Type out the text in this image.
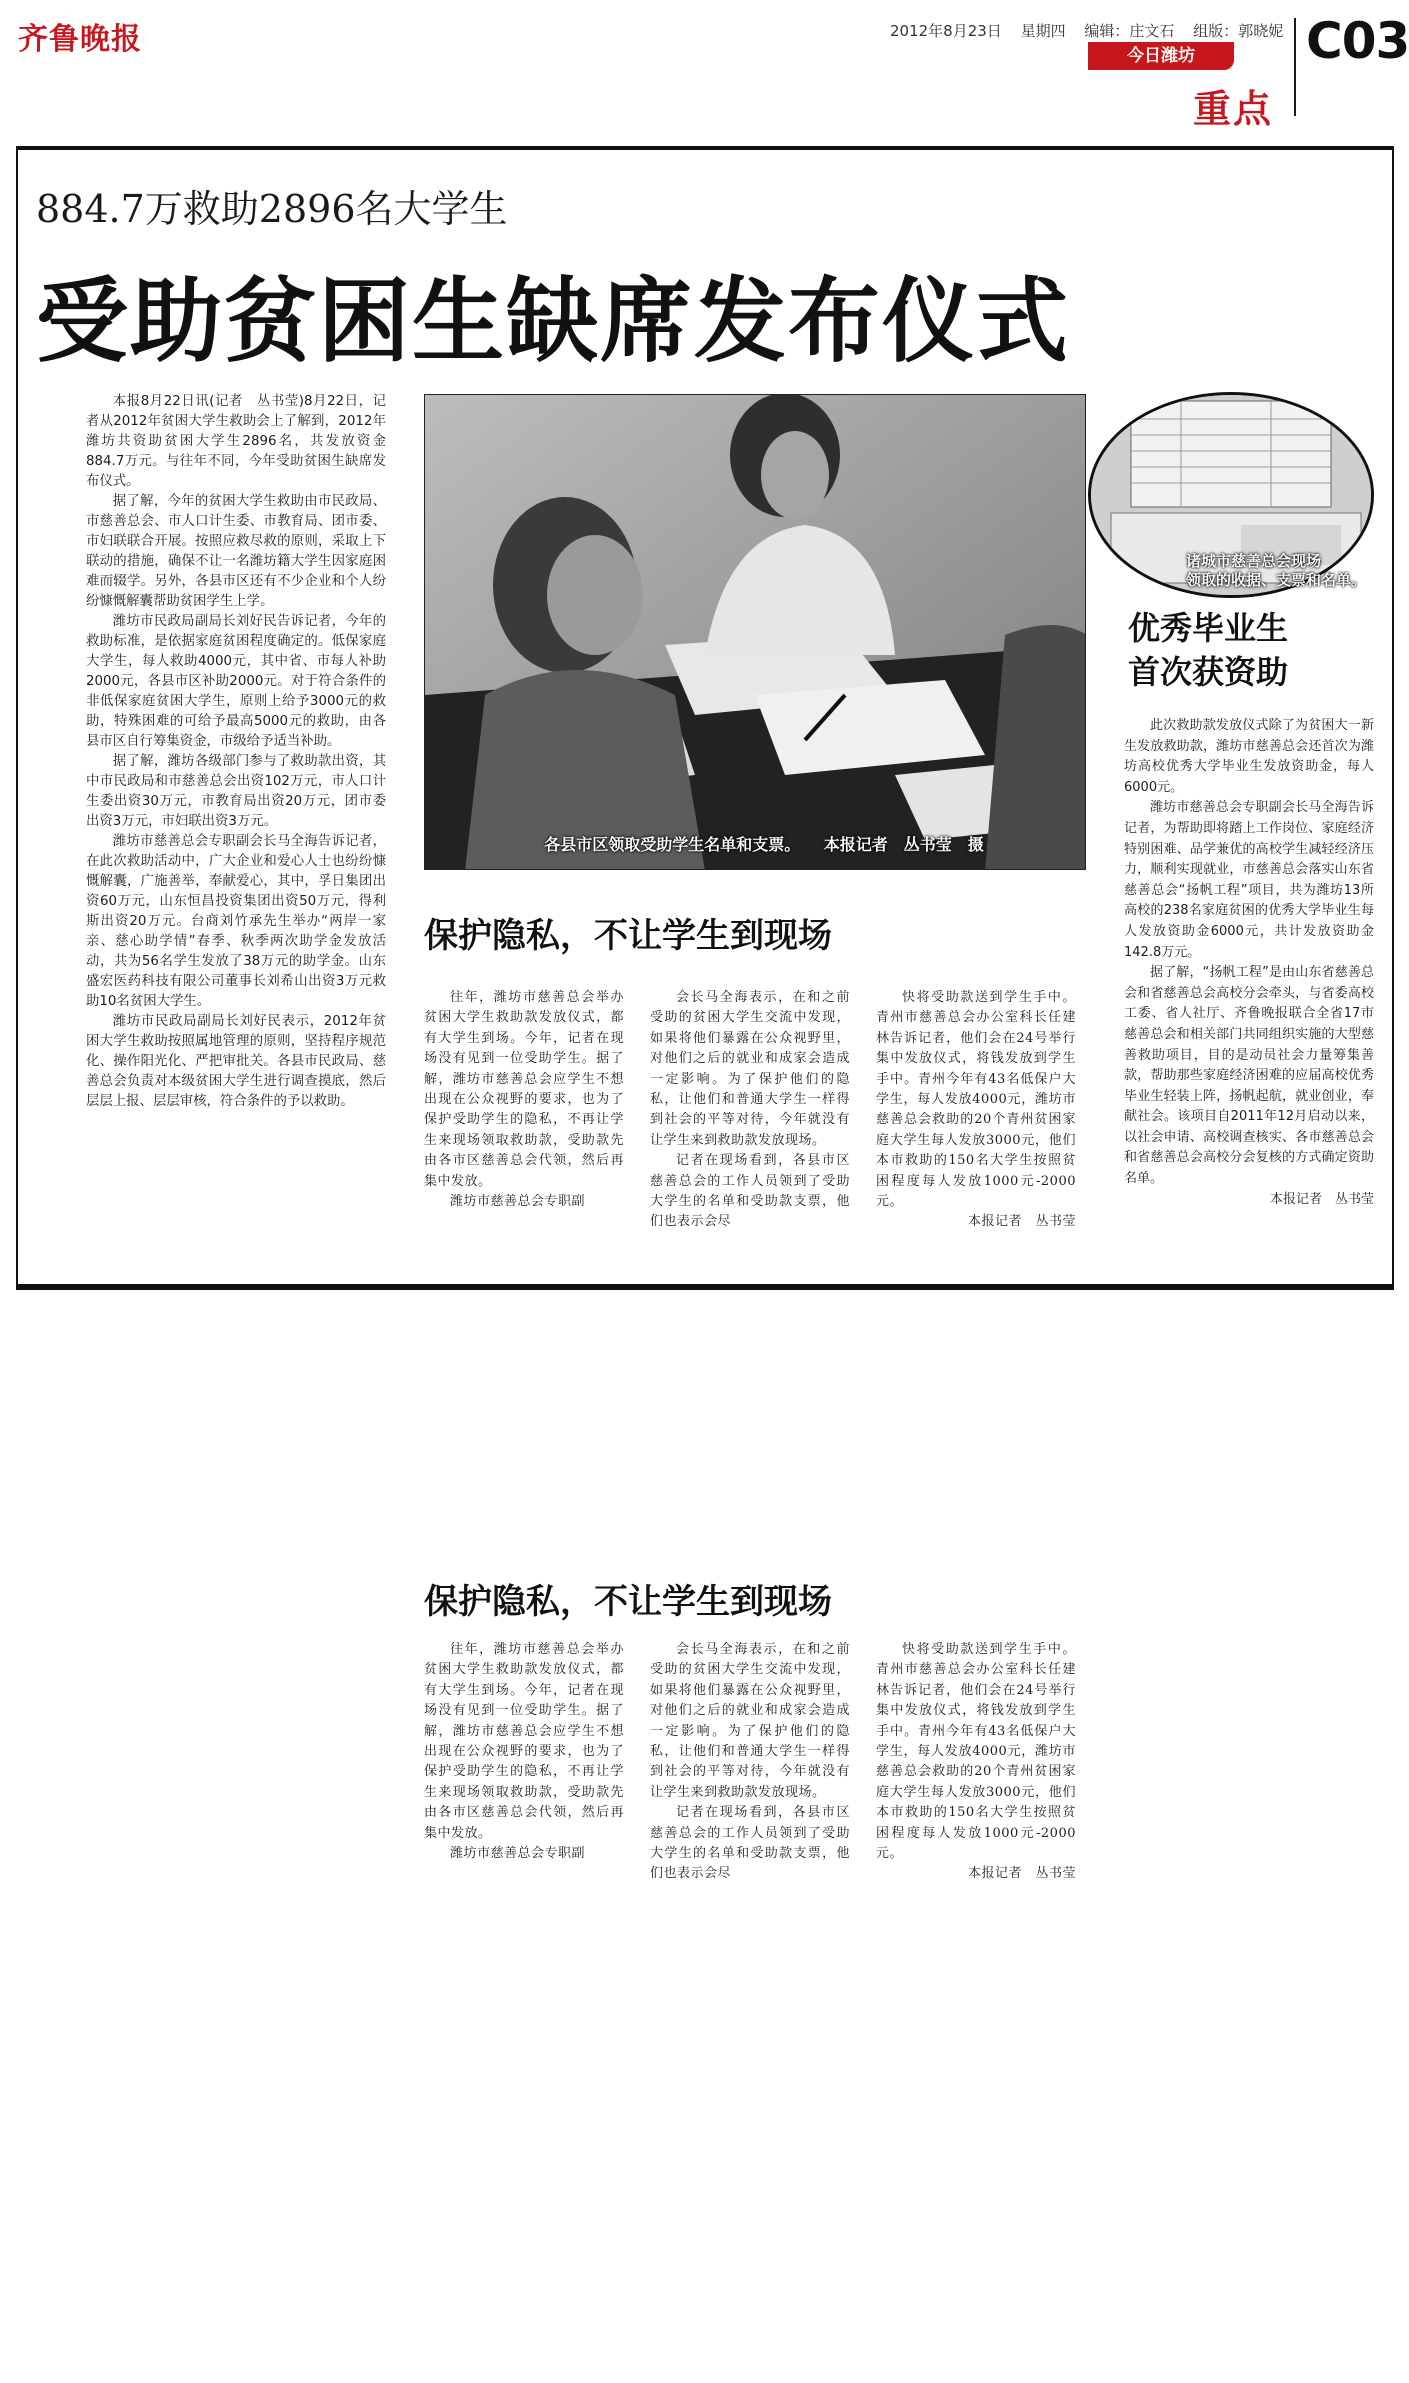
齐鲁晚报	2012年8月23日 星期四 编辑：庄文石 组版：郭晓妮
今日潍坊
重点
C03
884.7万救助2896名大学生
受助贫困生缺席发布仪式

本报8月22日讯(记者　丛书莹)8月22日，记者从2012年贫困大学生救助会上了解到，2012年潍坊共资助贫困大学生2896名，共发放资金884.7万元。与往年不同，今年受助贫困生缺席发布仪式。

据了解，今年的贫困大学生救助由市民政局、市慈善总会、市人口计生委、市教育局、团市委、市妇联联合开展。按照应救尽救的原则，采取上下联动的措施，确保不让一名潍坊籍大学生因家庭困难而辍学。另外，各县市区还有不少企业和个人纷纷慷慨解囊帮助贫困学生上学。

潍坊市民政局副局长刘好民告诉记者，今年的救助标准，是依据家庭贫困程度确定的。低保家庭大学生，每人救助4000元，其中省、市每人补助2000元，各县市区补助2000元。对于符合条件的非低保家庭贫困大学生，原则上给予3000元的救助，特殊困难的可给予最高5000元的救助，由各县市区自行筹集资金，市级给予适当补助。

据了解，潍坊各级部门参与了救助款出资，其中市民政局和市慈善总会出资102万元，市人口计生委出资30万元，市教育局出资20万元，团市委出资3万元，市妇联出资3万元。

潍坊市慈善总会专职副会长马全海告诉记者，在此次救助活动中，广大企业和爱心人士也纷纷慷慨解囊，广施善举，奉献爱心，其中，孚日集团出资60万元，山东恒昌投资集团出资50万元，得利斯出资20万元。台商刘竹承先生举办“两岸一家亲、慈心助学情”春季、秋季两次助学金发放活动，共为56名学生发放了38万元的助学金。山东盛宏医药科技有限公司董事长刘希山出资3万元救助10名贫困大学生。

潍坊市民政局副局长刘好民表示，2012年贫困大学生救助按照属地管理的原则，坚持程序规范化、操作阳光化、严把审批关。各县市民政局、慈善总会负责对本级贫困大学生进行调查摸底，然后层层上报、层层审核，符合条件的予以救助。

各县市区领取受助学生名单和支票。 本报记者　丛书莹　摄
诸城市慈善总会现场
领取的收据、支票和名单。
优秀毕业生
首次获资助

此次救助款发放仪式除了为贫困大一新生发放救助款，潍坊市慈善总会还首次为潍坊高校优秀大学毕业生发放资助金，每人6000元。

潍坊市慈善总会专职副会长马全海告诉记者，为帮助即将踏上工作岗位、家庭经济特别困难、品学兼优的高校学生减轻经济压力，顺利实现就业，市慈善总会落实山东省慈善总会“扬帆工程”项目，共为潍坊13所高校的238名家庭贫困的优秀大学毕业生每人发放资助金6000元，共计发放资助金142.8万元。

据了解，“扬帆工程”是由山东省慈善总会和省慈善总会高校分会牵头，与省委高校工委、省人社厅、齐鲁晚报联合全省17市慈善总会和相关部门共同组织实施的大型慈善救助项目，目的是动员社会力量筹集善款，帮助那些家庭经济困难的应届高校优秀毕业生轻装上阵，扬帆起航，就业创业，奉献社会。该项目自2011年12月启动以来，以社会申请、高校调查核实、各市慈善总会和省慈善总会高校分会复核的方式确定资助名单。

本报记者　丛书莹

保护隐私，不让学生到现场

往年，潍坊市慈善总会举办贫困大学生救助款发放仪式，都有大学生到场。今年，记者在现场没有见到一位受助学生。据了解，潍坊市慈善总会应学生不想出现在公众视野的要求，也为了保护受助学生的隐私，不再让学生来现场领取救助款，受助款先由各市区慈善总会代领，然后再集中发放。

潍坊市慈善总会专职副

会长马全海表示，在和之前受助的贫困大学生交流中发现，如果将他们暴露在公众视野里，对他们之后的就业和成家会造成一定影响。为了保护他们的隐私，让他们和普通大学生一样得到社会的平等对待，今年就没有让学生来到救助款发放现场。

记者在现场看到，各县市区慈善总会的工作人员领到了受助大学生的名单和受助款支票，他们也表示会尽

快将受助款送到学生手中。青州市慈善总会办公室科长任建林告诉记者，他们会在24号举行集中发放仪式，将钱发放到学生手中。青州今年有43名低保户大学生，每人发放4000元，潍坊市慈善总会救助的20个青州贫困家庭大学生每人发放3000元，他们本市救助的150名大学生按照贫困程度每人发放1000元-2000元。

本报记者　丛书莹

保护隐私，不让学生到现场

往年，潍坊市慈善总会举办贫困大学生救助款发放仪式，都有大学生到场。今年，记者在现场没有见到一位受助学生。据了解，潍坊市慈善总会应学生不想出现在公众视野的要求，也为了保护受助学生的隐私，不再让学生来现场领取救助款，受助款先由各市区慈善总会代领，然后再集中发放。

潍坊市慈善总会专职副

会长马全海表示，在和之前受助的贫困大学生交流中发现，如果将他们暴露在公众视野里，对他们之后的就业和成家会造成一定影响。为了保护他们的隐私，让他们和普通大学生一样得到社会的平等对待，今年就没有让学生来到救助款发放现场。

记者在现场看到，各县市区慈善总会的工作人员领到了受助大学生的名单和受助款支票，他们也表示会尽

快将受助款送到学生手中。青州市慈善总会办公室科长任建林告诉记者，他们会在24号举行集中发放仪式，将钱发放到学生手中。青州今年有43名低保户大学生，每人发放4000元，潍坊市慈善总会救助的20个青州贫困家庭大学生每人发放3000元，他们本市救助的150名大学生按照贫困程度每人发放1000元-2000元。

本报记者　丛书莹
